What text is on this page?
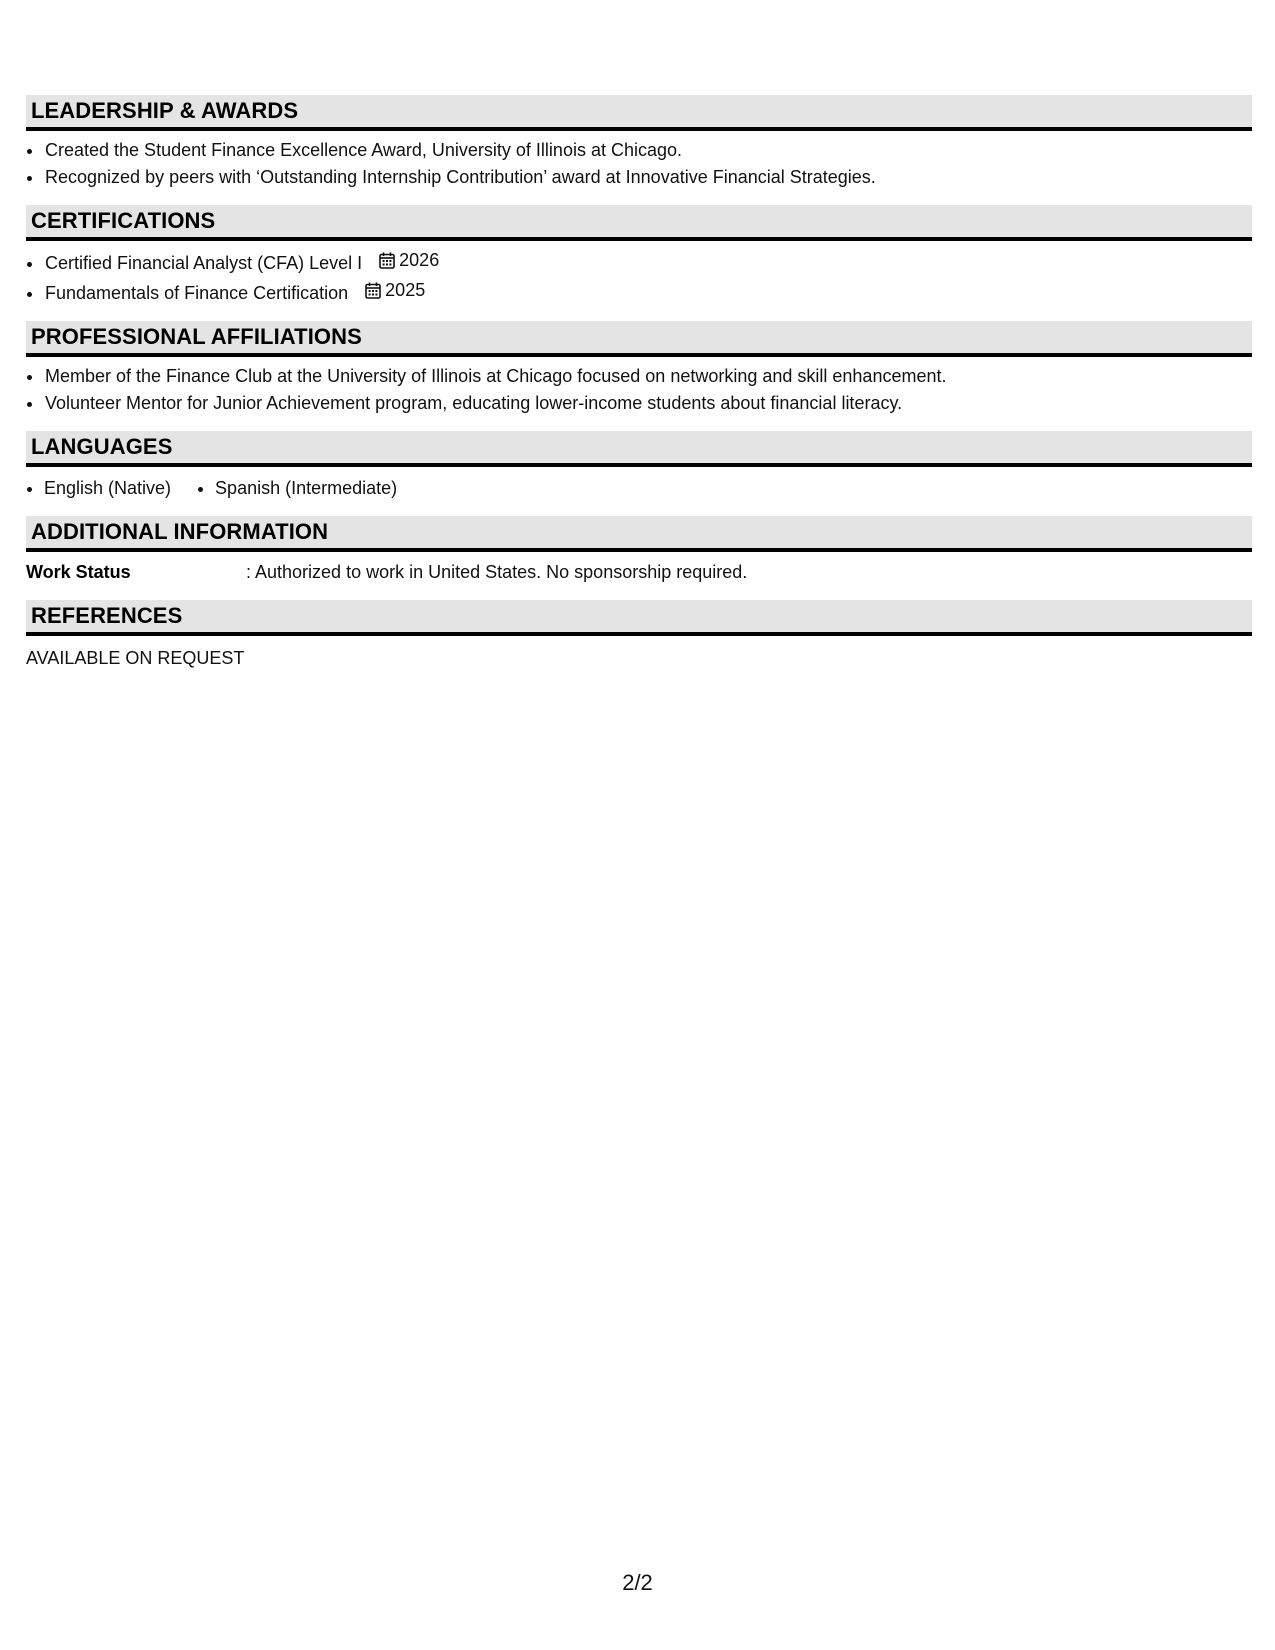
LEADERSHIP & AWARDS
• Created the Student Finance Excellence Award, University of Illinois at Chicago.
• Recognized by peers with ‘Outstanding Internship Contribution’ award at Innovative Financial Strategies.
CERTIFICATIONS
• Certified Financial Analyst (CFA) Level I 2026
• Fundamentals of Finance Certification 2025
PROFESSIONAL AFFILIATIONS
• Member of the Finance Club at the University of Illinois at Chicago focused on networking and skill enhancement.
• Volunteer Mentor for Junior Achievement program, educating lower-income students about financial literacy.
LANGUAGES
• English (Native)
• Spanish (Intermediate)
ADDITIONAL INFORMATION
Work Status	: Authorized to work in United States. No sponsorship required.
REFERENCES
AVAILABLE ON REQUEST
2/2
